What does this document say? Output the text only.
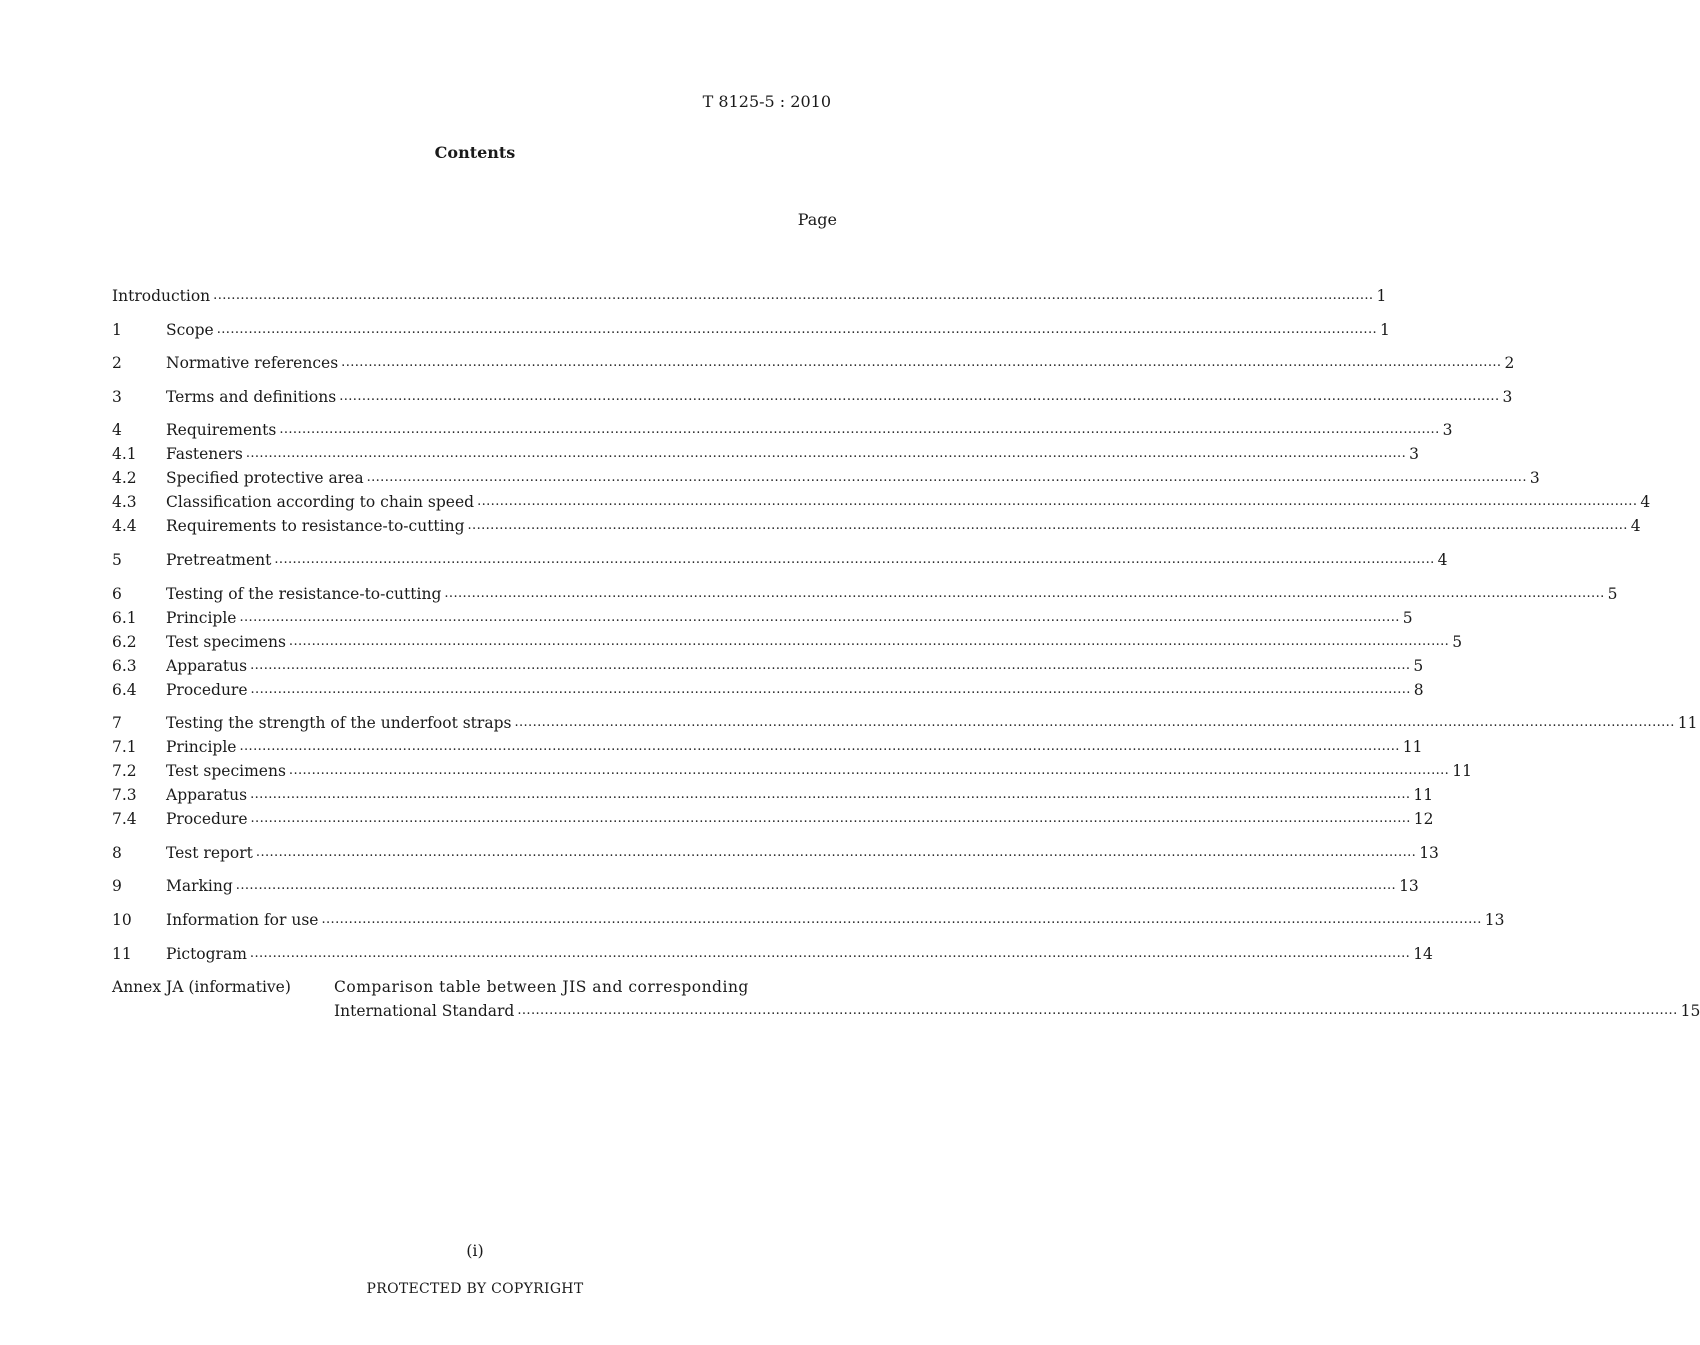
T 8125-5 : 2010
Contents
Page
Introduction .....	1
1	Scope .....	1
2	Normative references .....	2
3	Terms and definitions .....	3
4	Requirements .....	3
4.1	Fasteners .....	3
4.2	Specified protective area .....	3
4.3	Classification according to chain speed .....	4
4.4	Requirements to resistance-to-cutting .....	4
5	Pretreatment .....	4
6	Testing of the resistance-to-cutting .....	5
6.1	Principle .....	5
6.2	Test specimens .....	5
6.3	Apparatus .....	5
6.4	Procedure .....	8
7	Testing the strength of the underfoot straps .....	11
7.1	Principle .....	11
7.2	Test specimens .....	11
7.3	Apparatus .....	11
7.4	Procedure .....	12
8	Test report .....	13
9	Marking .....	13
10	Information for use .....	13
11	Pictogram .....	14
Annex JA (informative)	Comparison table between JIS and corresponding
International Standard .....	15
(i)
PROTECTED BY COPYRIGHT
